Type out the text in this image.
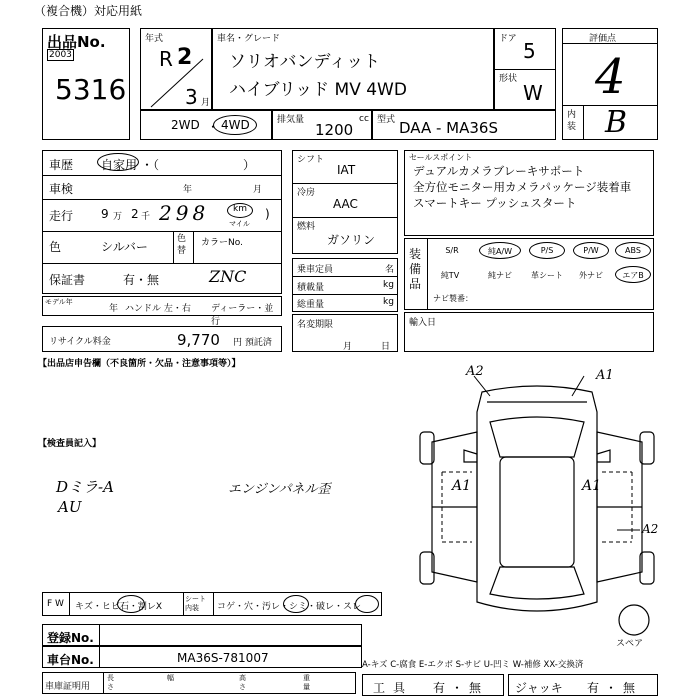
（複合機）対応用紙
出品No.
2003
5316
年式
R 2
3 月
車名・グレード
ソリオバンディット
ハイブリッド MV 4WD
ドア 5
形状
W
評価点
4
内装 B
2WD ・ 4WD	排気量
1200
cc 型式 DAA - MA36S
車歴 自家用 ・（　　　　　　　）
車検	年	月
走行 9 万 2 千 298	km
マイル
)
色	シルバー
色替
カラーNo.
保証書	有・無	ZNC
モデル年
年 ハンドル 左・右 ディーラー・並行
リサイクル料金	9,770 円 預託済
シフト
IAT
冷房
AAC
燃料
ガソリン
乗車定員	名
積載量	kg
総重量	kg
名変期限
月	日
セールスポイント
デュアルカメラブレーキサポート
全方位モニター用カメラパッケージ装着車
スマートキー プッシュスタート
装備品
S/R	純A/W	P/S	P/W	ABS
純TV	純ナビ	革シート	外ナビ	エアB
ナビ製番：
輸入日
【出品店申告欄（不良箇所・欠品・注意事項等）】
【検査員記入】
Dミラ-A
AU
エンジンパネル歪
A2	A1
A1	A1
A2
スペア
F W キズ・ヒビ石・割レX
シート内装	コゲ・穴・汚レ・シミ・破レ・スレ
登録No.
車台No.	MA36S-781007
車庫証明用
長さ
幅	高さ
重量
A-キズ C-腐食 E-エクボ S-サビ U-凹ミ W-補修 XX-交換済
工具 有・無 ジャッキ 有・無
